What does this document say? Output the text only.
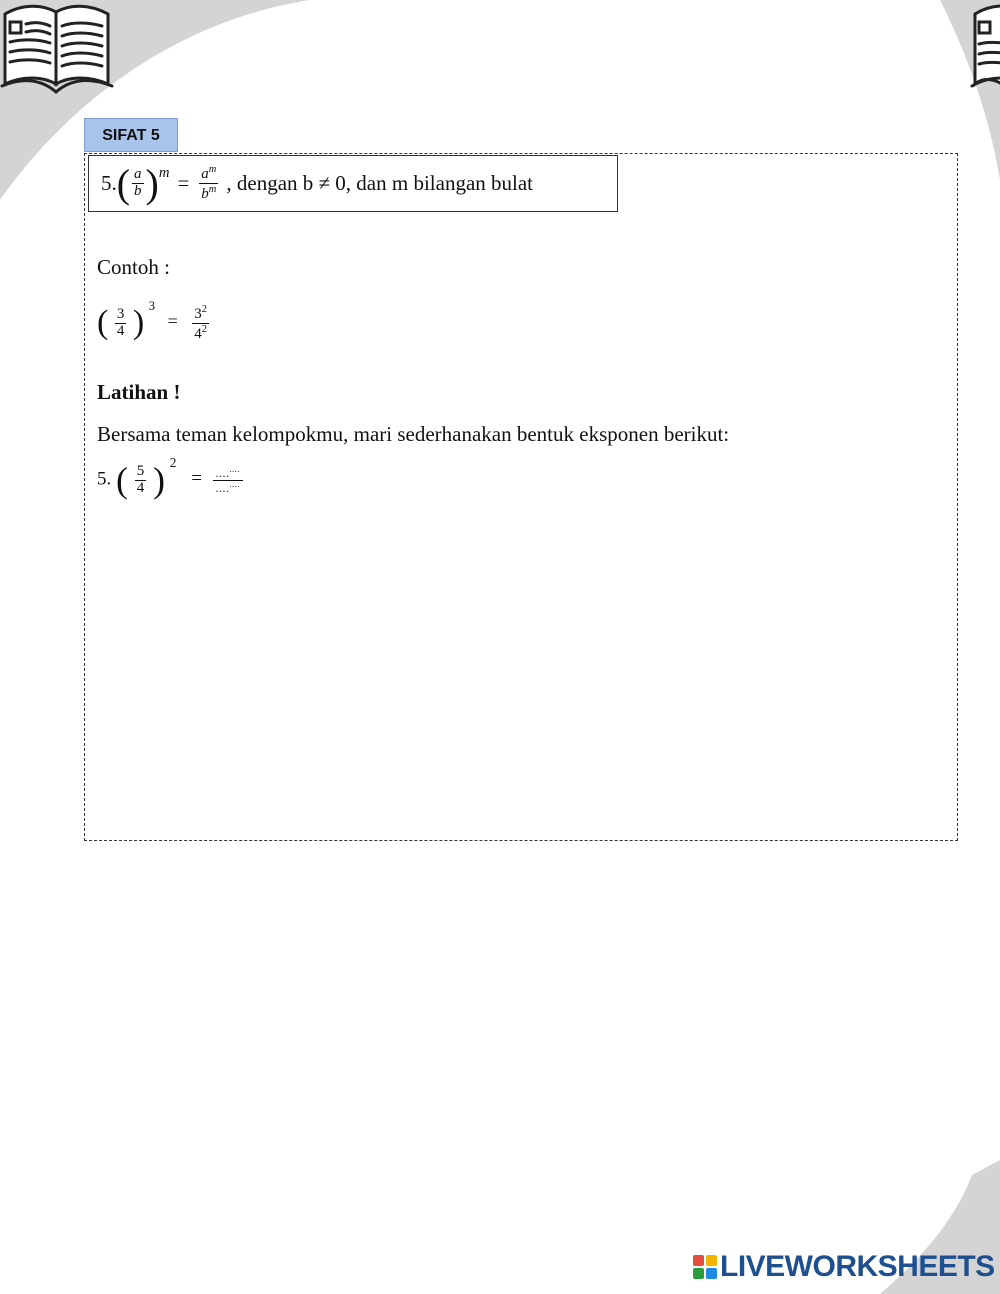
SIFAT 5
5. ( $\frac{a}{b}$ ) $m = \frac{a^m}{b^m}$ , dengan b ≠ 0, dan m bilangan bulat
Contoh :
( $\frac{3}{4}$ ) $^3 = \frac{3^2}{4^2}$
Latihan !
Bersama teman kelompokmu, mari sederhanakan bentuk eksponen berikut:
5. ( $\frac{5}{4}$ ) $^2 = \frac{....^{....}}{....^{....}}$
LIVEWORKSHEETS
